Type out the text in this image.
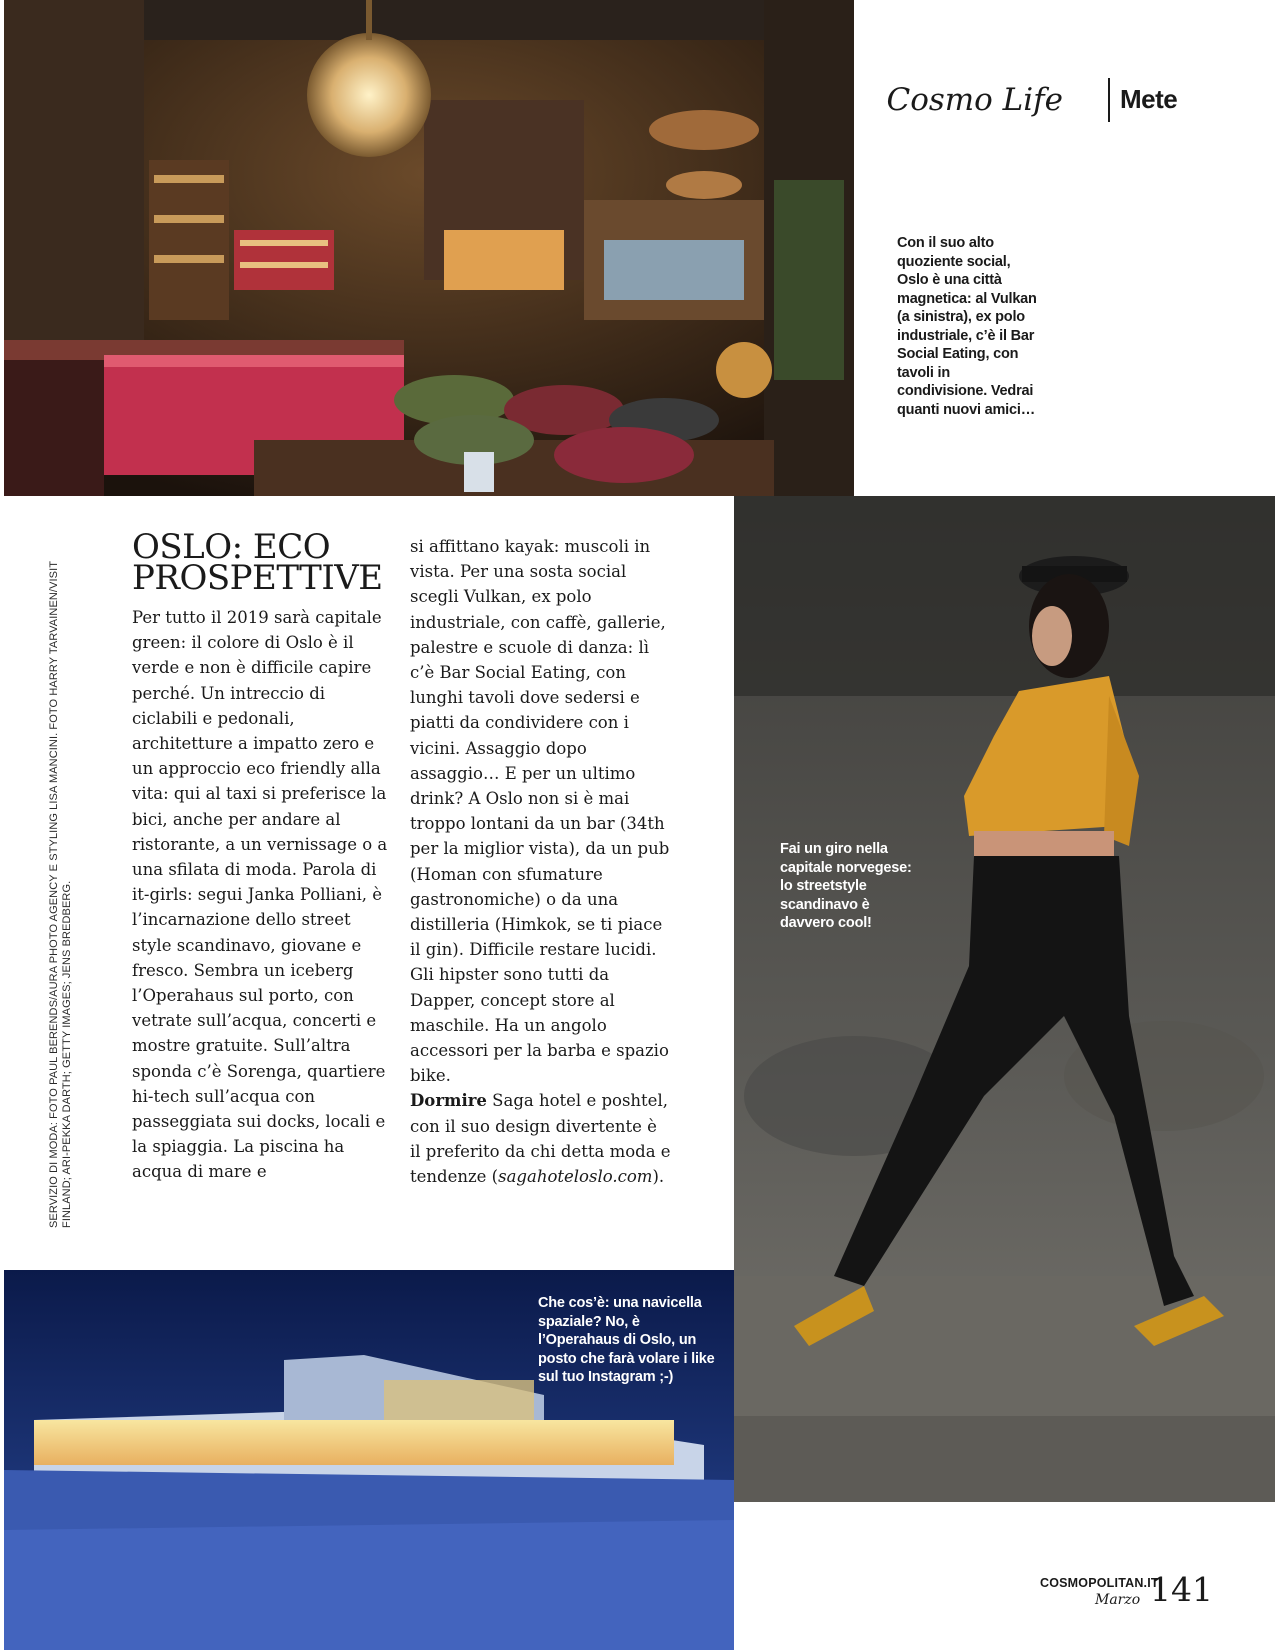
Cosmo Life Mete
Con il suo alto quoziente social, Oslo è una città magnetica: al Vulkan (a sinistra), ex polo industriale, c’è il Bar Social Eating, con tavoli in condivisione. Vedrai quanti nuovi amici…
Fai un giro nella capitale norvegese: lo streetstyle scandinavo è davvero cool!
Che cos’è: una navicella spaziale? No, è l’Operahaus di Oslo, un posto che farà volare i like sul tuo Instagram ;-)
SERVIZIO DI MODA: FOTO PAUL BERENDS/AURA PHOTO AGENCY E STYLING LISA MANCINI. FOTO HARRY TARVAINEN/VISIT FINLAND; ARI-PEKKA DARTH; GETTY IMAGES; JENS BREDBERG.
OSLO: ECO PROSPETTIVE

Per tutto il 2019 sarà capitale green: il colore di Oslo è il verde e non è difficile capire perché. Un intreccio di ciclabili e pedonali, architetture a impatto zero e un approccio eco friendly alla vita: qui al taxi si preferisce la bici, anche per andare al ristorante, a un vernissage o a una sfilata di moda. Parola di it-girls: segui Janka Polliani, è l’incarnazione dello street style scandinavo, giovane e fresco. Sembra un iceberg l’Operahaus sul porto, con vetrate sull’acqua, concerti e mostre gratuite. Sull’altra sponda c’è Sorenga, quartiere hi-tech sull’acqua con passeggiata sui docks, locali e la spiaggia. La piscina ha acqua di mare e

si affittano kayak: muscoli in vista. Per una sosta social scegli Vulkan, ex polo industriale, con caffè, gallerie, palestre e scuole di danza: lì c’è Bar Social Eating, con lunghi tavoli dove sedersi e piatti da condividere con i vicini. Assaggio dopo assaggio… E per un ultimo drink? A Oslo non si è mai troppo lontani da un bar (34th per la miglior vista), da un pub (Homan con sfumature gastronomiche) o da una distilleria (Himkok, se ti piace il gin). Difficile restare lucidi. Gli hipster sono tutti da Dapper, concept store al maschile. Ha un angolo accessori per la barba e spazio bike.
Dormire Saga hotel e poshtel, con il suo design divertente è il preferito da chi detta moda e tendenze (sagahoteloslo.com).

COSMOPOLITAN.IT
Marzo 141
